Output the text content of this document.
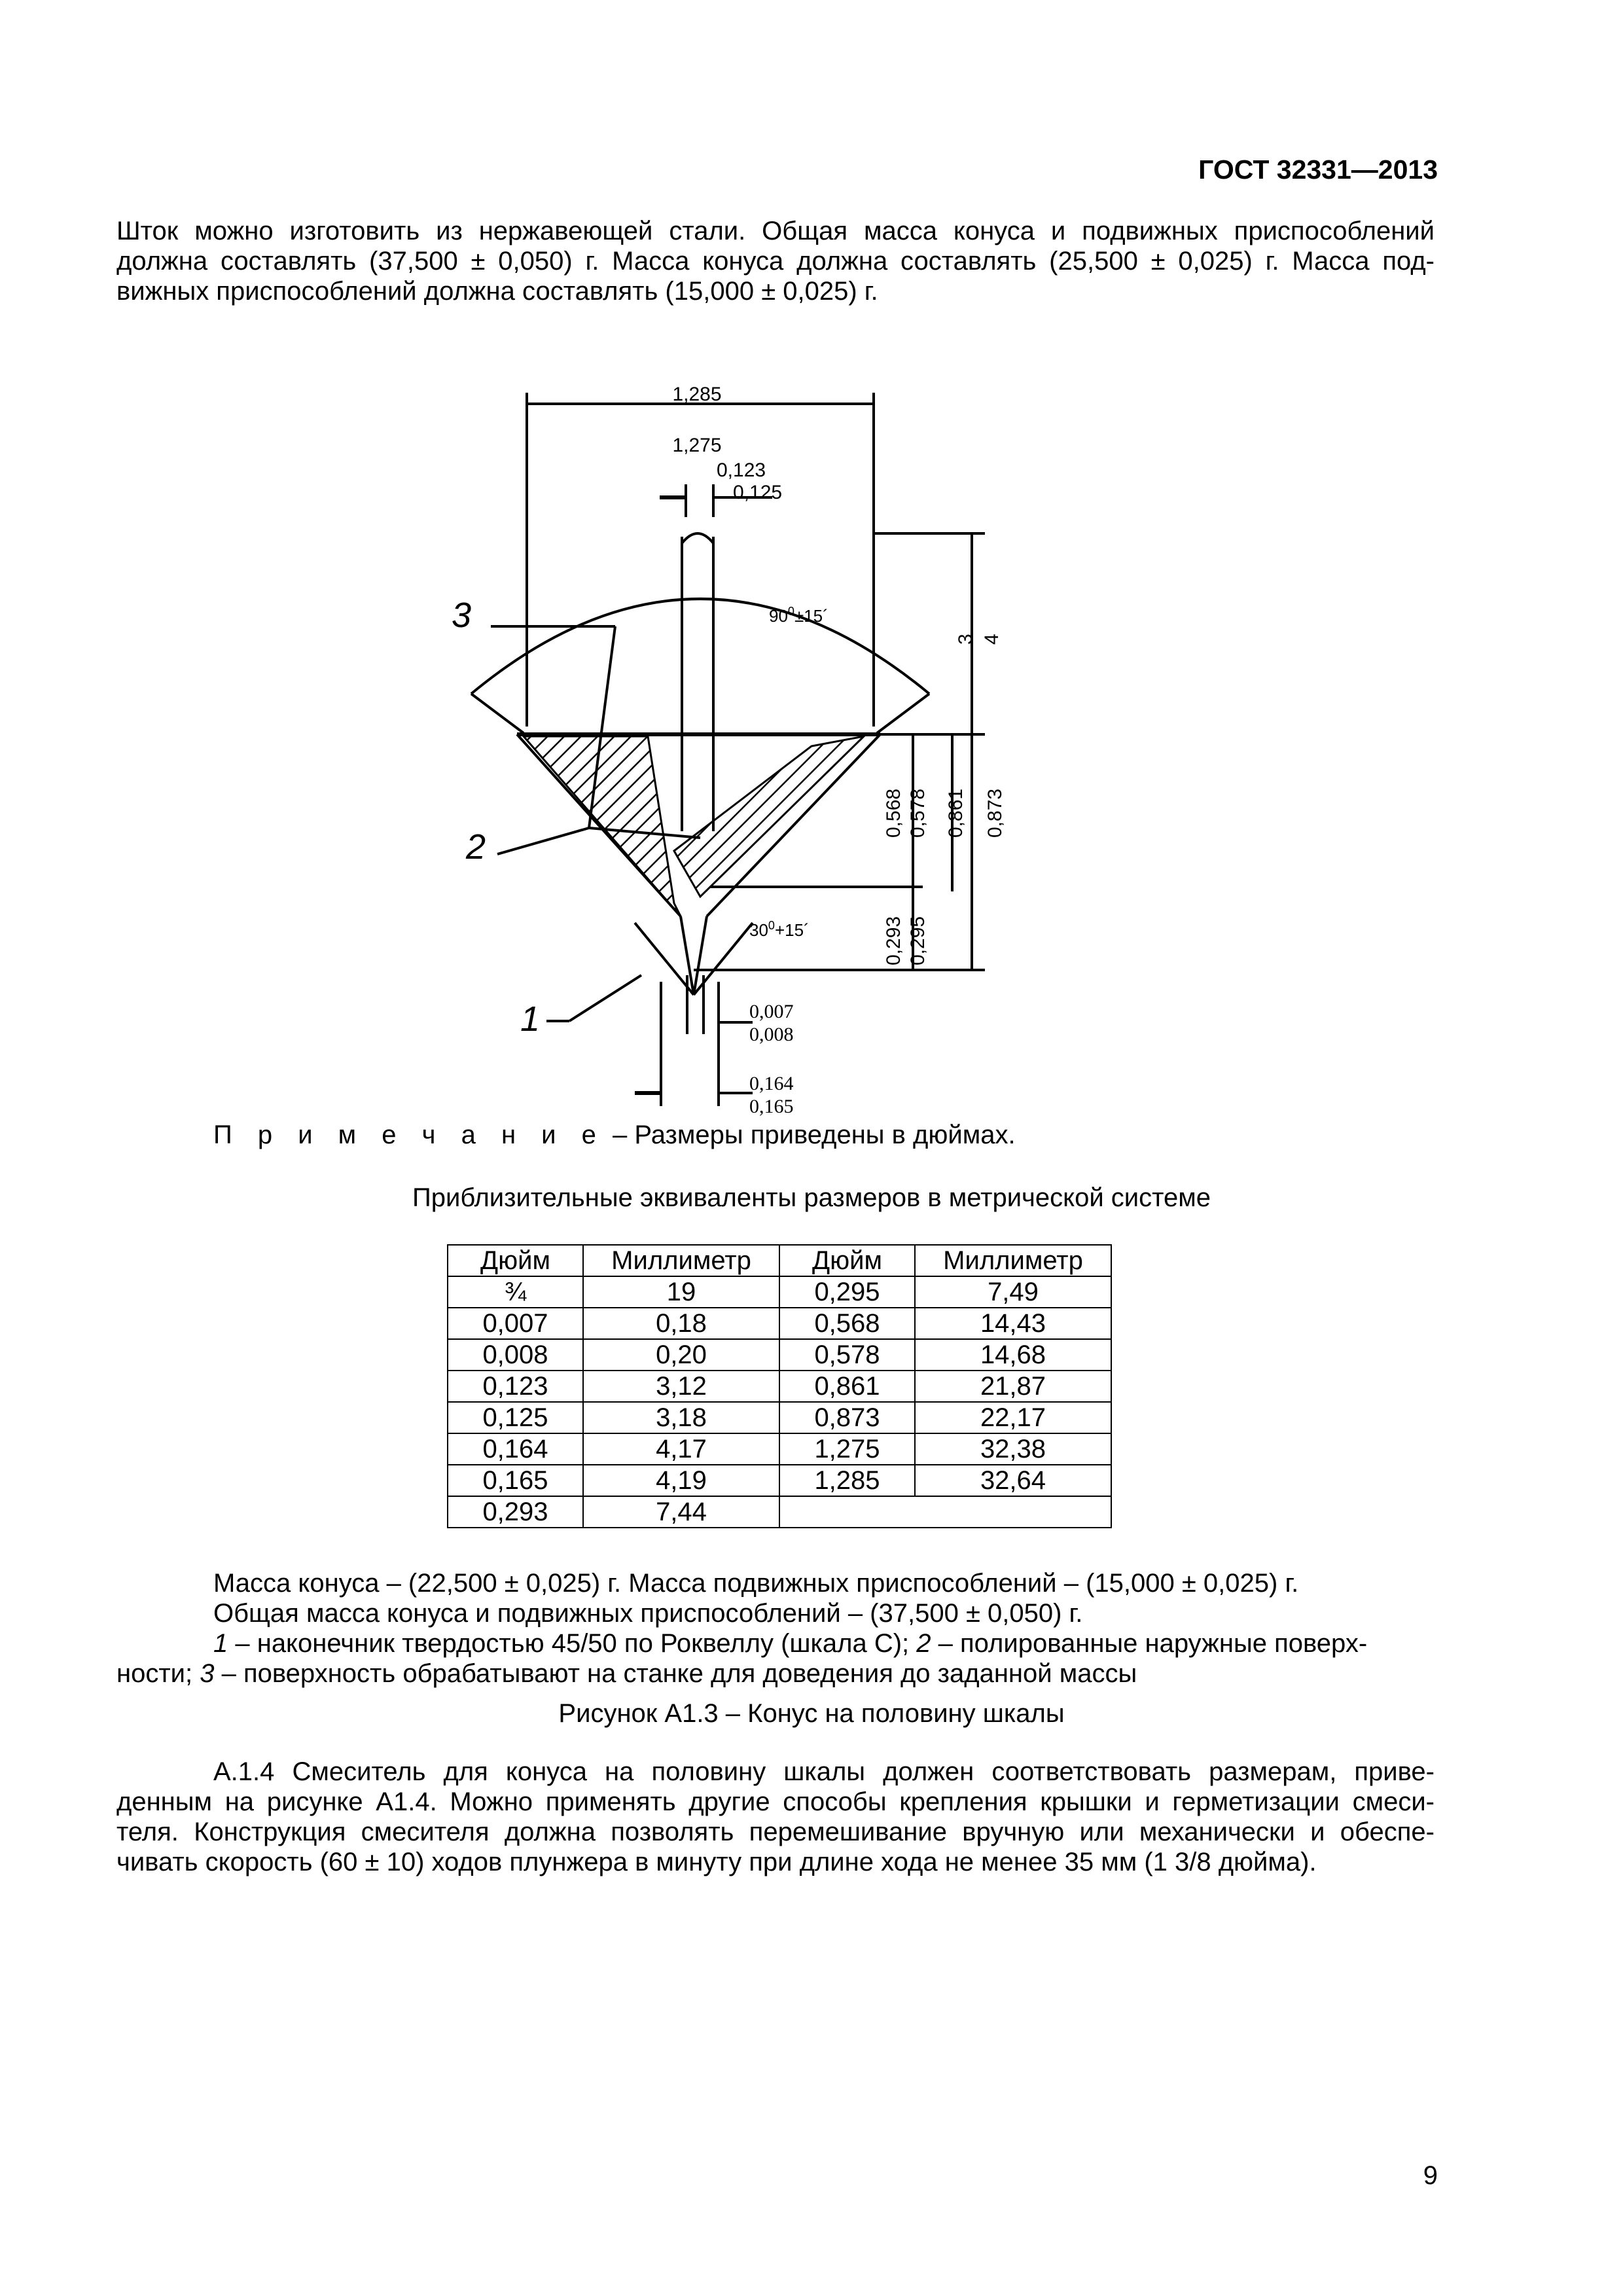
ГОСТ 32331—2013
Шток можно изготовить из нержавеющей стали. Общая масса конуса и подвижных приспособлений
должна составлять (37,500 ± 0,050) г. Масса конуса должна составлять (25,500 ± 0,025) г. Масса под-
вижных приспособлений должна составлять (15,000 ± 0,025) г.
1,285
1,275
0,123
0,125
$90^0\pm 15´$
$30^0+15´$
3 4
0,568 0,578 0,861 0,873
0,293 0,295
0,007
0,008
0,164
0,165
1
2
3
П р и м е ч а н и е – Размеры приведены в дюймах.
Приблизительные эквиваленты размеров в метрической системе
Дюйм	Миллиметр	Дюйм	Миллиметр
¾	19	0,295	7,49
0,007	0,18	0,568	14,43
0,008	0,20	0,578	14,68
0,123	3,12	0,861	21,87
0,125	3,18	0,873	22,17
0,164	4,17	1,275	32,38
0,165	4,19	1,285	32,64
0,293	7,44		
Масса конуса – (22,500 ± 0,025) г. Масса подвижных приспособлений – (15,000 ± 0,025) г.
Общая масса конуса и подвижных приспособлений – (37,500 ± 0,050) г.
1 – наконечник твердостью 45/50 по Роквеллу (шкала С); 2 – полированные наружные поверх-
ности; 3 – поверхность обрабатывают на станке для доведения до заданной массы
Рисунок А1.3 – Конус на половину шкалы
А.1.4 Смеситель для конуса на половину шкалы должен соответствовать размерам, приве-
денным на рисунке А1.4. Можно применять другие способы крепления крышки и герметизации смеси-
теля. Конструкция смесителя должна позволять перемешивание вручную или механически и обеспе-
чивать скорость (60 ± 10) ходов плунжера в минуту при длине хода не менее 35 мм (1 3/8 дюйма).
9
